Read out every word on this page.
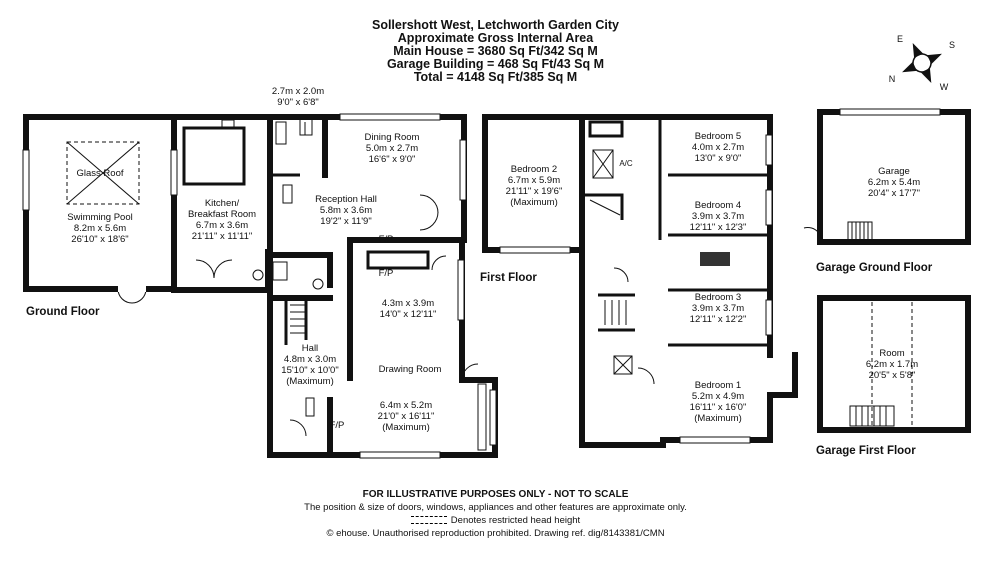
Sollershott West, Letchworth Garden City
Approximate Gross Internal Area
Main House = 3680 Sq Ft/342 Sq M
Garage Building = 468 Sq Ft/43 Sq M
Total = 4148 Sq Ft/385 Sq M
E
S
N
W
2.7m x 2.0m
9'0" x 6'8"
Glass Roof
Swimming Pool
8.2m x 5.6m
26'10" x 18'6"
Kitchen/
Breakfast Room
6.7m x 3.6m
21'11" x 11'11"
Dining Room
5.0m x 2.7m
16'6" x 9'0"
Reception Hall
5.8m x 3.6m
19'2" x 11'9"
F/P
F/P
4.3m x 3.9m
14'0" x 12'11"
Hall
4.8m x 3.0m
15'10" x 10'0"
(Maximum)
Drawing Room
6.4m x 5.2m
21'0" x 16'11"
(Maximum)
F/P
Bedroom 2
6.7m x 5.9m
21'11" x 19'6"
(Maximum)
Bedroom 5
4.0m x 2.7m
13'0" x 9'0"
Bedroom 4
3.9m x 3.7m
12'11" x 12'3"
Bedroom 3
3.9m x 3.7m
12'11" x 12'2"
Bedroom 1
5.2m x 4.9m
16'11" x 16'0"
(Maximum)
A/C
Garage
6.2m x 5.4m
20'4" x 17'7"
Room
6.2m x 1.7m
20'5" x 5'8"
Ground Floor
First Floor
Garage Ground Floor
Garage First Floor
FOR ILLUSTRATIVE PURPOSES ONLY - NOT TO SCALE
The position & size of doors, windows, appliances and other features are approximate only.
Denotes restricted head height
© ehouse. Unauthorised reproduction prohibited. Drawing ref. dig/8143381/CMN
